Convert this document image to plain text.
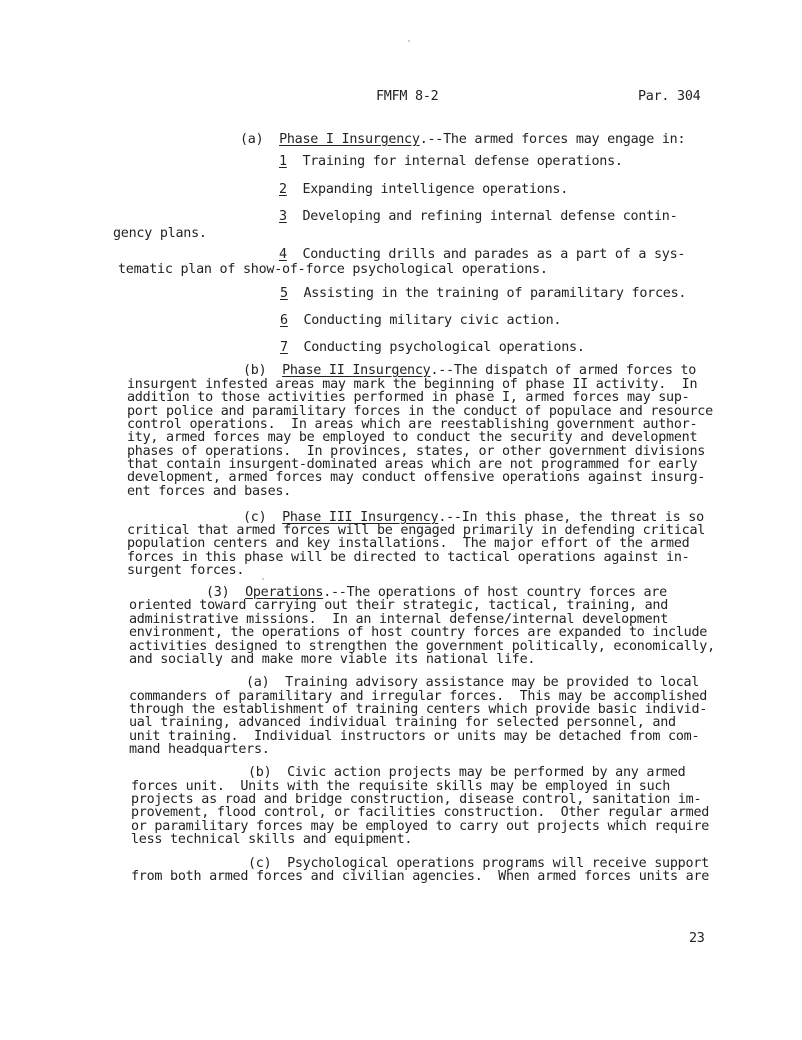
FMFM 8-2	Par. 304
(a) Phase I Insurgency.--The armed forces may engage in:
1 Training for internal defense operations.
2 Expanding intelligence operations.
3 Developing and refining internal defense contin-
gency plans.
4 Conducting drills and parades as a part of a sys-
tematic plan of show-of-force psychological operations.
5 Assisting in the training of paramilitary forces.
6 Conducting military civic action.
7 Conducting psychological operations.
(b) Phase II Insurgency.--The dispatch of armed forces to
insurgent infested areas may mark the beginning of phase II activity.  In
addition to those activities performed in phase I, armed forces may sup-
port police and paramilitary forces in the conduct of populace and resource
control operations.  In areas which are reestablishing government author-
ity, armed forces may be employed to conduct the security and development
phases of operations.  In provinces, states, or other government divisions
that contain insurgent-dominated areas which are not programmed for early
development, armed forces may conduct offensive operations against insurg-
ent forces and bases.
(c) Phase III Insurgency.--In this phase, the threat is so
critical that armed forces will be engaged primarily in defending critical
population centers and key installations.  The major effort of the armed
forces in this phase will be directed to tactical operations against in-
surgent forces.
(3) Operations.--The operations of host country forces are
oriented toward carrying out their strategic, tactical, training, and
administrative missions.  In an internal defense/internal development
environment, the operations of host country forces are expanded to include
activities designed to strengthen the government politically, economically,
and socially and make more viable its national life.
(a) Training advisory assistance may be provided to local
commanders of paramilitary and irregular forces.  This may be accomplished
through the establishment of training centers which provide basic individ-
ual training, advanced individual training for selected personnel, and
unit training.  Individual instructors or units may be detached from com-
mand headquarters.
(b) Civic action projects may be performed by any armed
forces unit.  Units with the requisite skills may be employed in such
projects as road and bridge construction, disease control, sanitation im-
provement, flood control, or facilities construction.  Other regular armed
or paramilitary forces may be employed to carry out projects which require
less technical skills and equipment.
(c) Psychological operations programs will receive support
from both armed forces and civilian agencies.  When armed forces units are
23
